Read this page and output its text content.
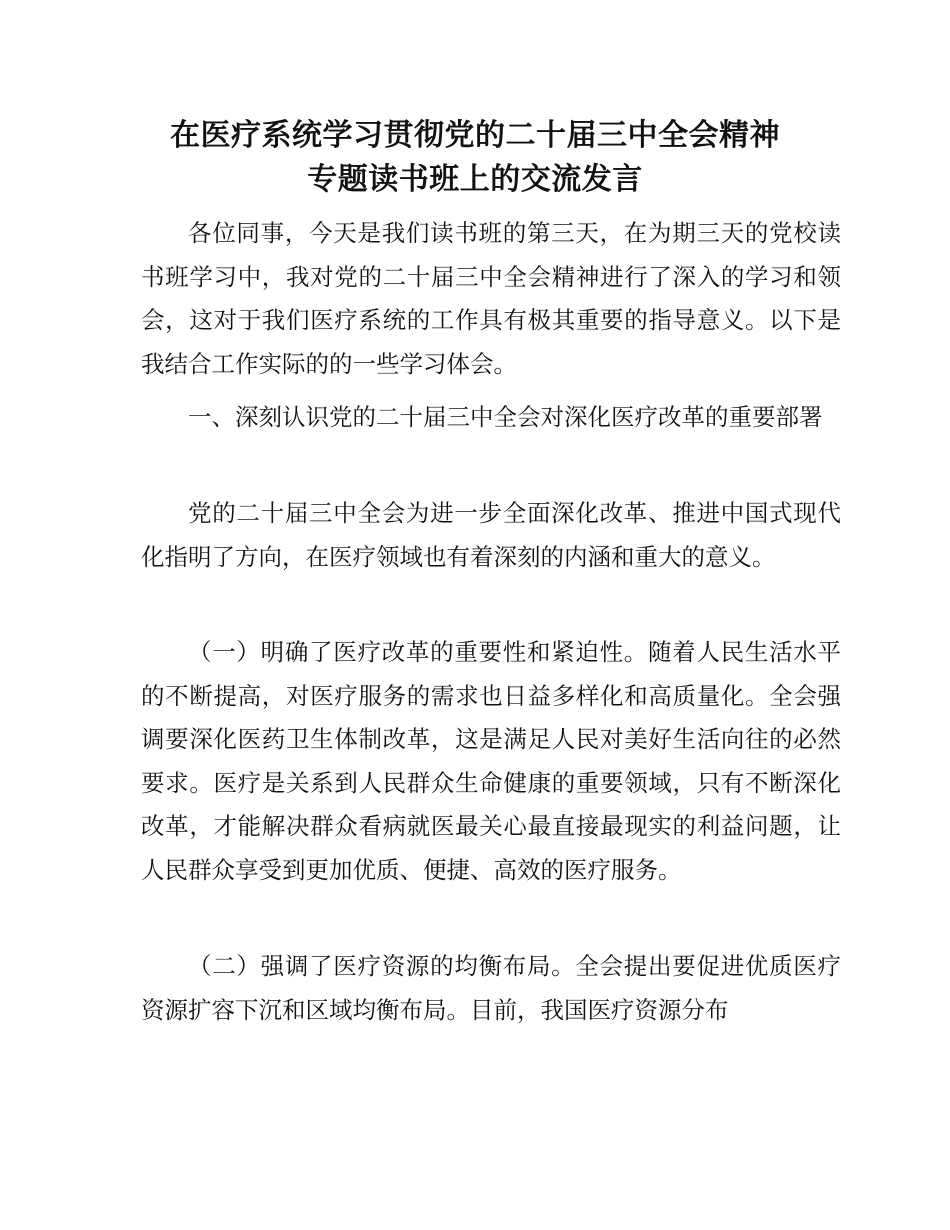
在医疗系统学习贯彻党的二十届三中全会精神
专题读书班上的交流发言

各位同事，今天是我们读书班的第三天，在为期三天的党校读书班学习中，我对党的二十届三中全会精神进行了深入的学习和领会，这对于我们医疗系统的工作具有极其重要的指导意义。以下是我结合工作实际的的一些学习体会。

一、深刻认识党的二十届三中全会对深化医疗改革的重要部署

党的二十届三中全会为进一步全面深化改革、推进中国式现代化指明了方向，在医疗领域也有着深刻的内涵和重大的意义。

（一）明确了医疗改革的重要性和紧迫性。随着人民生活水平的不断提高，对医疗服务的需求也日益多样化和高质量化。全会强调要深化医药卫生体制改革，这是满足人民对美好生活向往的必然要求。医疗是关系到人民群众生命健康的重要领域，只有不断深化改革，才能解决群众看病就医最关心最直接最现实的利益问题，让人民群众享受到更加优质、便捷、高效的医疗服务。

（二）强调了医疗资源的均衡布局。全会提出要促进优质医疗资源扩容下沉和区域均衡布局。目前，我国医疗资源分布
